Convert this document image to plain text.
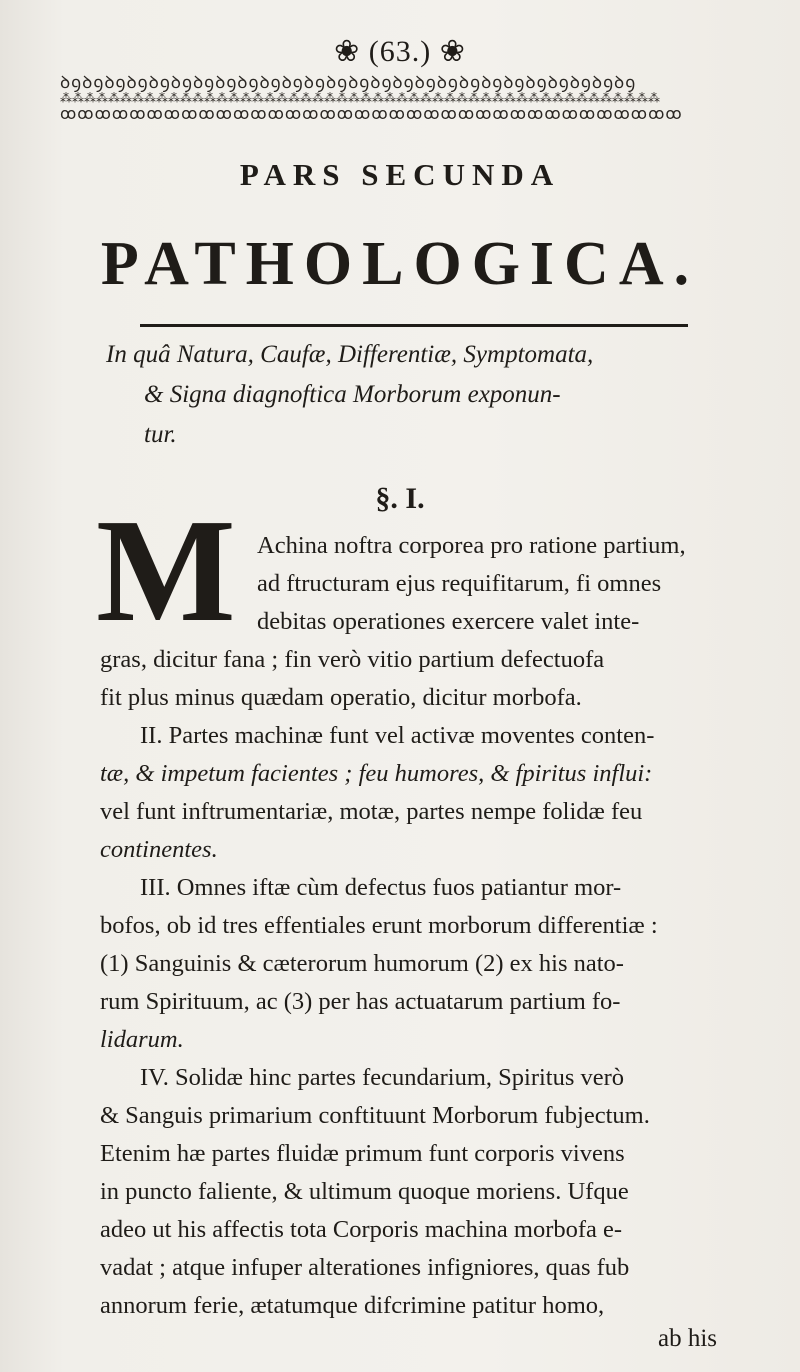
❀ (63.) ❀
ꝺꝯꝺꝯꝺꝯꝺꝯꝺꝯꝺꝯꝺꝯꝺꝯꝺꝯꝺꝯꝺꝯꝺꝯꝺꝯꝺꝯꝺꝯꝺꝯꝺꝯꝺꝯꝺꝯꝺꝯꝺꝯꝺꝯꝺꝯꝺꝯꝺꝯꝺꝯ
⁂⁂⁂⁂⁂⁂⁂⁂⁂⁂⁂⁂⁂⁂⁂⁂⁂⁂⁂⁂⁂⁂⁂⁂⁂⁂⁂⁂⁂⁂⁂⁂⁂⁂⁂⁂⁂⁂⁂⁂⁂⁂⁂⁂⁂⁂⁂⁂⁂⁂
ꝏꝏꝏꝏꝏꝏꝏꝏꝏꝏꝏꝏꝏꝏꝏꝏꝏꝏꝏꝏꝏꝏꝏꝏꝏꝏꝏꝏꝏꝏꝏꝏꝏꝏꝏꝏ
PARS SECUNDA
PATHOLOGICA.
In quâ Natura, Caufæ, Differentiæ, Symptomata,
& Signa diagnoftica Morborum exponun-
tur.
§. I.
M Achina noftra corporea pro ratione partium,
ad ftructuram ejus requifitarum, fi omnes
debitas operationes exercere valet inte-
gras, dicitur fana ; fin verò vitio partium defectuofa
fit plus minus quædam operatio, dicitur morbofa.
II. Partes machinæ funt vel activæ moventes conten-
tæ, & impetum facientes ; feu humores, & fpiritus influi:
vel funt inftrumentariæ, motæ, partes nempe folidæ feu
continentes.
III. Omnes iftæ cùm defectus fuos patiantur mor-
bofos, ob id tres effentiales erunt morborum differentiæ :
(1) Sanguinis & cæterorum humorum (2) ex his nato-
rum Spirituum, ac (3) per has actuatarum partium fo-
lidarum.
IV. Solidæ hinc partes fecundarium, Spiritus verò
& Sanguis primarium conftituunt Morborum fubjectum.
Etenim hæ partes fluidæ primum funt corporis vivens
in puncto faliente, & ultimum quoque moriens. Ufque
adeo ut his affectis tota Corporis machina morbofa e-
vadat ; atque infuper alterationes infigniores, quas fub
annorum ferie, ætatumque difcrimine patitur homo,
ab his
